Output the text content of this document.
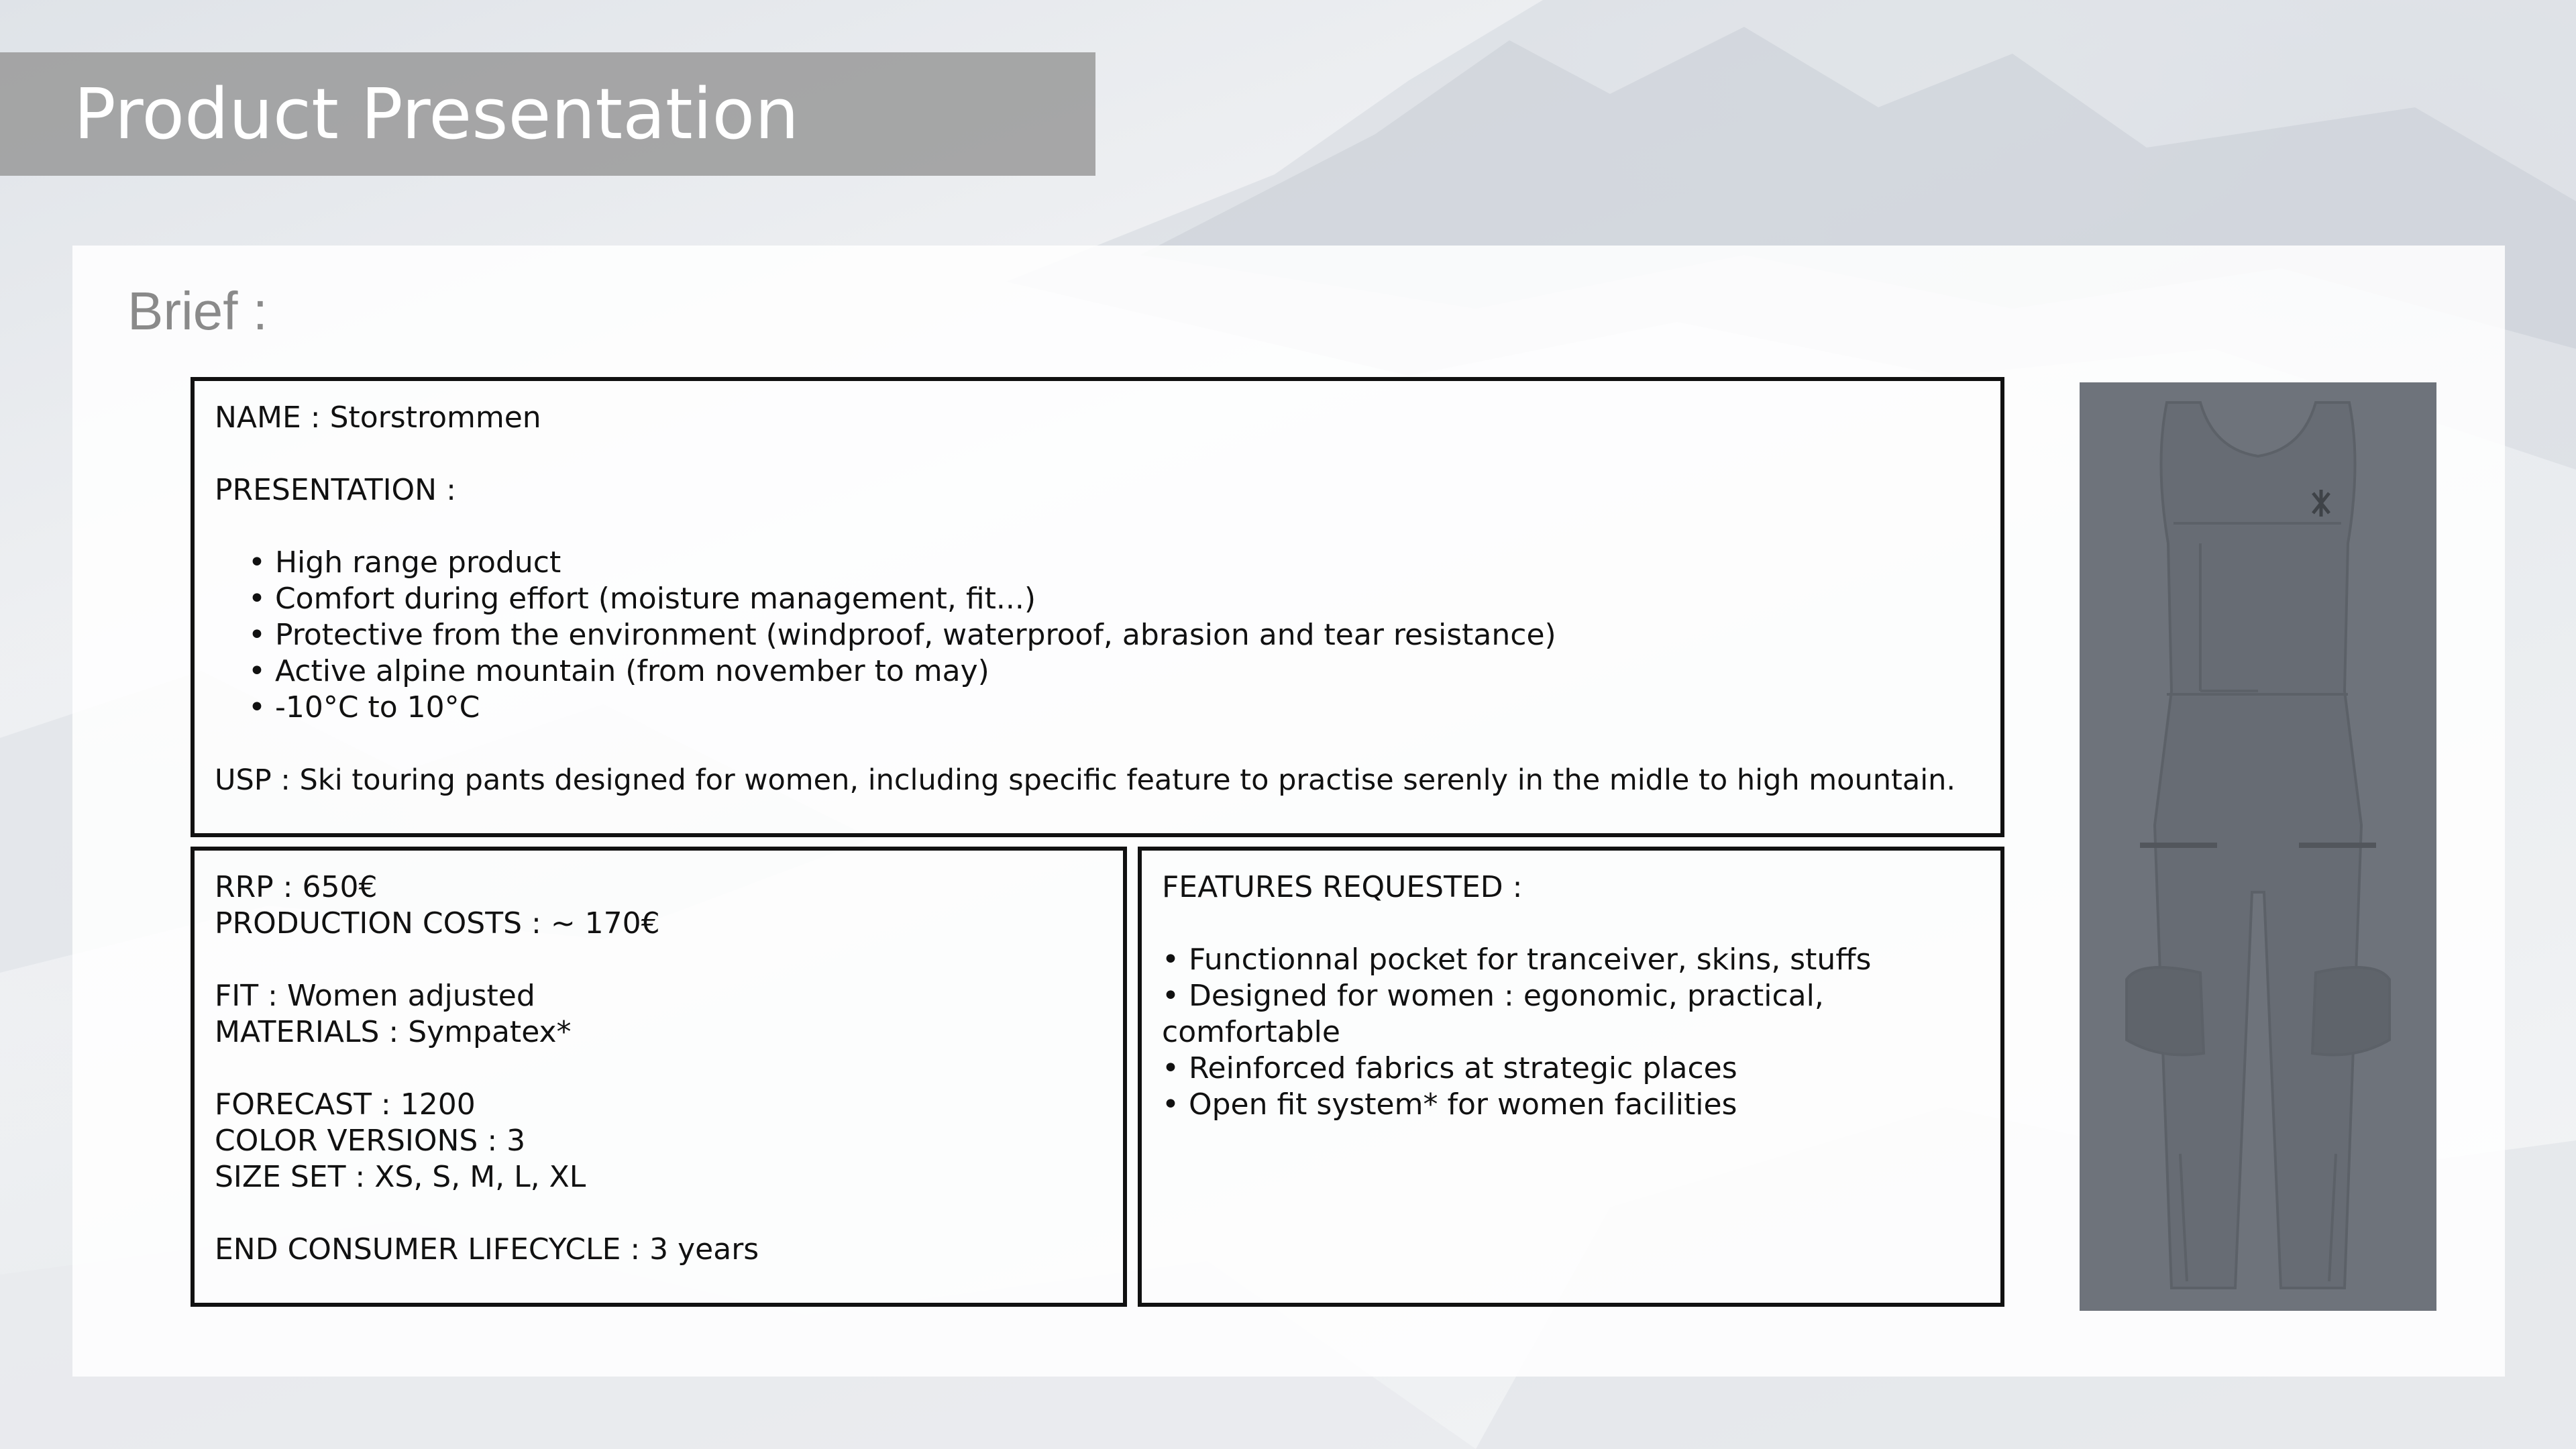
Product Presentation
Brief :
NAME : Storstrommen
PRESENTATION :
• High range product
• Comfort during effort (moisture management, fit...)
• Protective from the environment (windproof, waterproof, abrasion and tear resistance)
• Active alpine mountain (from november to may)
• -10°C to 10°C
USP : Ski touring pants designed for women, including specific feature to practise serenly in the midle to high mountain.
RRP : 650€
PRODUCTION COSTS : ~ 170€
FIT : Women adjusted
MATERIALS : Sympatex*
FORECAST : 1200
COLOR VERSIONS : 3
SIZE SET : XS, S, M, L, XL
END CONSUMER LIFECYCLE : 3 years
FEATURES REQUESTED :
• Functionnal pocket for tranceiver, skins, stuffs
• Designed for women : egonomic, practical, comfortable
• Reinforced fabrics at strategic places
• Open fit system* for women facilities
